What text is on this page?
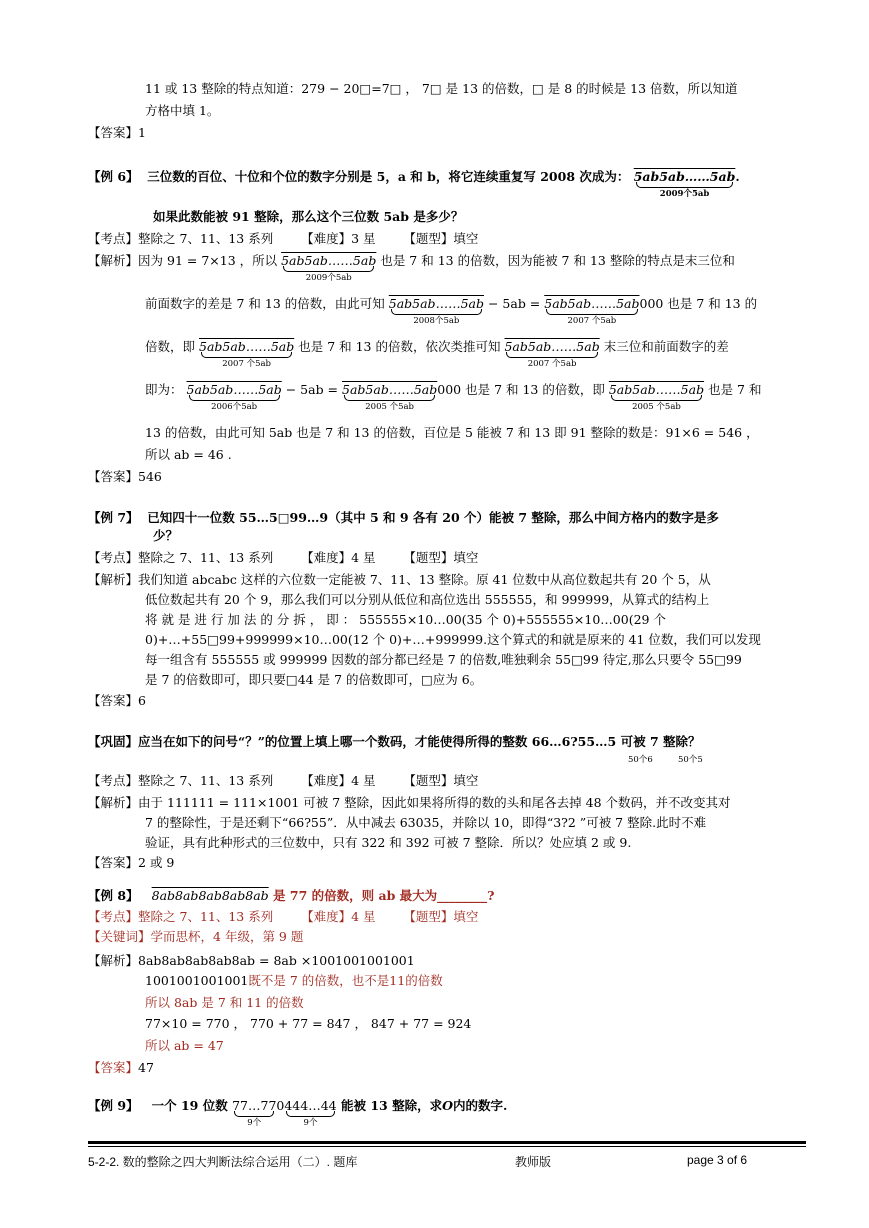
11 或 13 整除的特点知道：279 − 20□=7□ ， 7□ 是 13 的倍数，□ 是 8 的时候是 13 倍数，所以知道
方格中填 1。
【答案】1
【例 6】 三位数的百位、十位和个位的数字分别是 5，a 和 b，将它连续重复写 2008 次成为： 5ab5ab……5ab
2009个5ab
.
如果此数能被 91 整除，那么这个三位数 5ab 是多少？
【考点】整除之 7、11、13 系列 【难度】3 星 【题型】填空
【解析】因为 91 = 7×13 ，所以 5ab5ab……5ab
2009个5ab
也是 7 和 13 的倍数，因为能被 7 和 13 整除的特点是末三位和
前面数字的差是 7 和 13 的倍数，由此可知 5ab5ab……5ab
2008个5ab
− 5ab = 5ab5ab……5ab
2007 个5ab
000 也是 7 和 13 的
倍数，即 5ab5ab……5ab
2007 个5ab
也是 7 和 13 的倍数，依次类推可知 5ab5ab……5ab
2007 个5ab
末三位和前面数字的差
即为： 5ab5ab……5ab
2006个5ab
− 5ab = 5ab5ab……5ab
2005 个5ab
000 也是 7 和 13 的倍数，即 5ab5ab……5ab
2005 个5ab
也是 7 和
13 的倍数，由此可知 5ab 也是 7 和 13 的倍数，百位是 5 能被 7 和 13 即 91 整除的数是：91×6 = 546 ，
所以 ab = 46 .
【答案】546
【例 7】 已知四十一位数 55…5□99…9（其中 5 和 9 各有 20 个）能被 7 整除，那么中间方格内的数字是多
少？
【考点】整除之 7、11、13 系列 【难度】4 星 【题型】填空
【解析】我们知道 abcabc 这样的六位数一定能被 7、11、13 整除。原 41 位数中从高位数起共有 20 个 5，从
低位数起共有 20 个 9，那么我们可以分别从低位和高位选出 555555，和 999999，从算式的结构上
将 就 是 进 行 加 法 的 分 拆 ， 即 ： 555555×10…00(35 个 0)+555555×10…00(29 个
0)+…+55□99+999999×10…00(12 个 0)+…+999999.这个算式的和就是原来的 41 位数，我们可以发现
每一组含有 555555 或 999999 因数的部分都已经是 7 的倍数,唯独剩余 55□99 待定,那么只要令 55□99
是 7 的倍数即可，即只要□44 是 7 的倍数即可，□应为 6。
【答案】6
【巩固】应当在如下的问号“？”的位置上填上哪一个数码，才能使得所得的整数 66…6?55…5 可被 7 整除？
50个6	50个5
【考点】整除之 7、11、13 系列 【难度】4 星 【题型】填空
【解析】由于 111111 = 111×1001 可被 7 整除，因此如果将所得的数的头和尾各去掉 48 个数码，并不改变其对
7 的整除性，于是还剩下“66?55”．从中减去 63035，并除以 10，即得“3?2 ”可被 7 整除.此时不难
验证，具有此种形式的三位数中，只有 322 和 392 可被 7 整除．所以？处应填 2 或 9.
【答案】2 或 9
【例 8】 8ab8ab8ab8ab8ab 是 77 的倍数，则 ab 最大为________?
【考点】整除之 7、11、13 系列 【难度】4 星 【题型】填空
【关键词】学而思杯，4 年级，第 9 题
【解析】8ab8ab8ab8ab8ab = 8ab ×1001001001001
1001001001001既不是 7 的倍数，也不是11的倍数
所以 8ab 是 7 和 11 的倍数
77×10 = 770 ， 770 + 77 = 847 ， 847 + 77 = 924
所以 ab = 47
【答案】47
【例 9】 一个 19 位数 77…77
9个
0444…44
9个
能被 13 整除，求O内的数字.
5-2-2. 数的整除之四大判断法综合运用（二）. 题库	教师版	page 3 of 6
